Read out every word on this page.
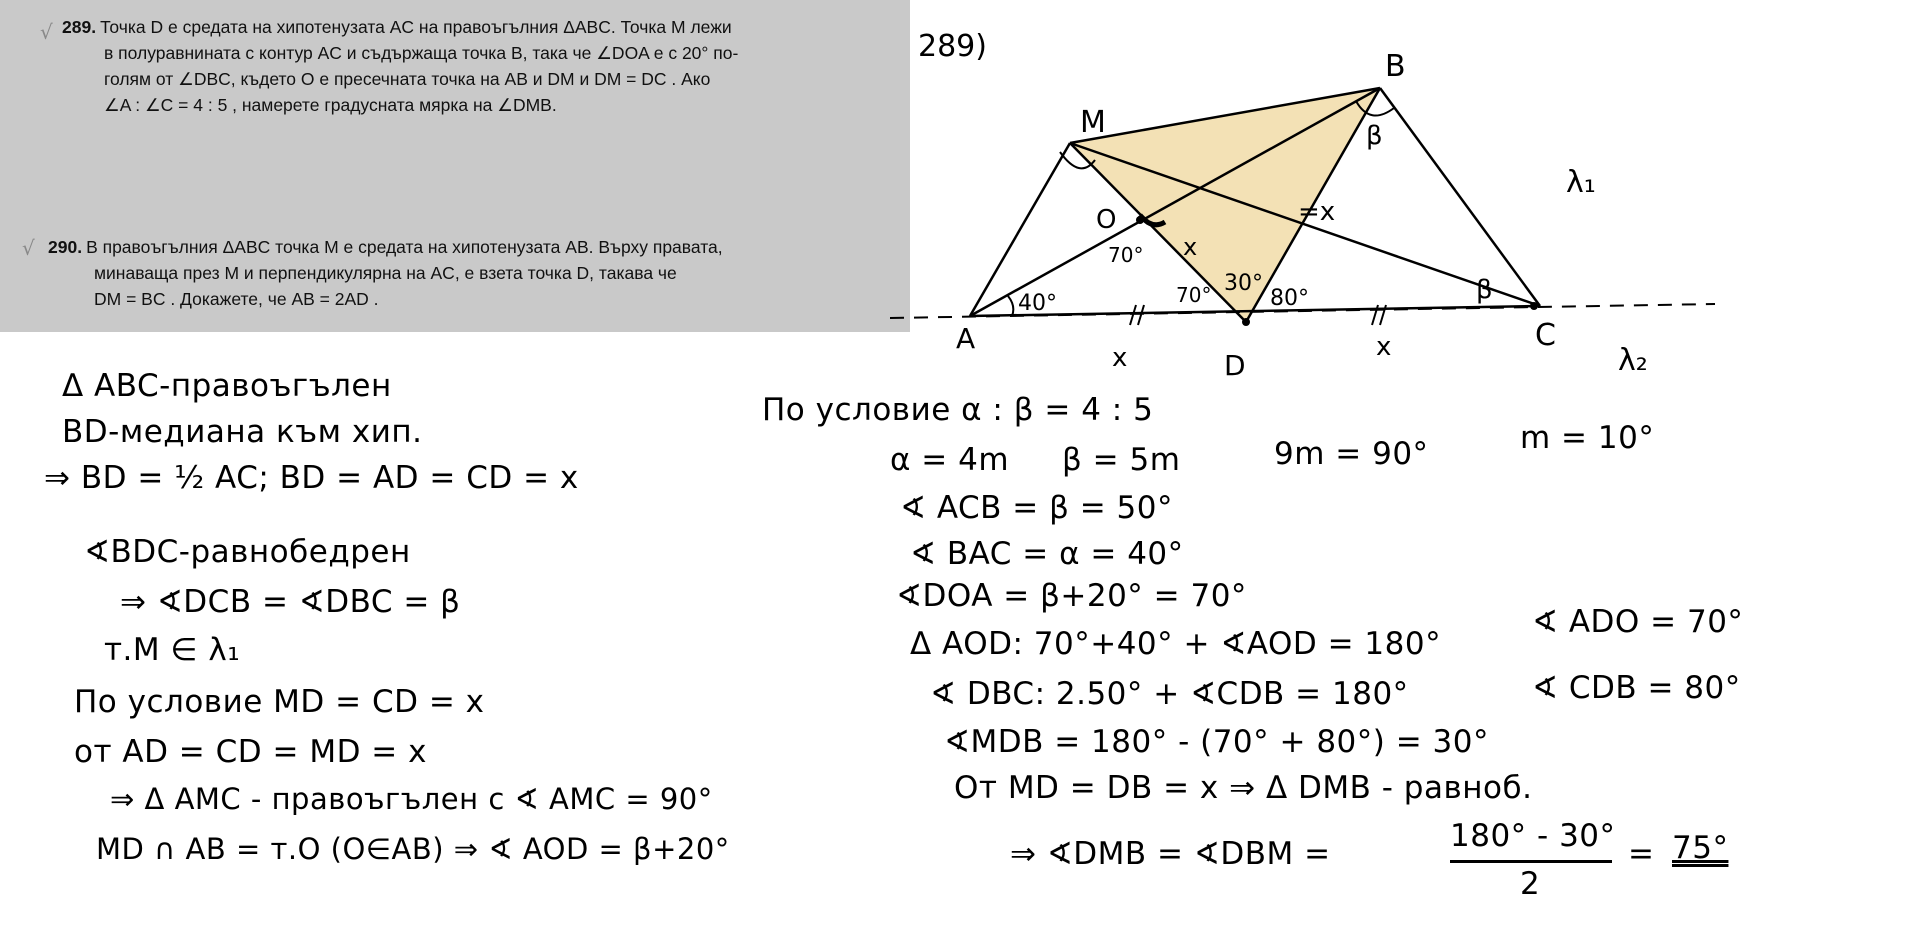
√ 289. Точка D е средата на хипотенузата AC на правоъгълния ΔABC. Точка M лежи
в полуравнината с контур AC и съдържаща точка B, така че ∠DOA е с 20° по-
голям от ∠DBC, където O е пресечната точка на AB и DM и DM = DC . Ако
∠A : ∠C = 4 : 5 , намерете градусната мярка на ∠DMB.
√ 290. В правоъгълния ΔABC точка M е средата на хипотенузата AB. Върху правата,
минаваща през M и перпендикулярна на AC, е взета точка D, такава че
DM = BC . Докажете, че AB = 2AD .
289)
B
M
O
A
D
C
λ₁
λ₂
40°
70°
70° 30°
80°
β
β
x	x
x
=x
Δ ABC-правоъгълен
BD-медиана към хип.
⇒ BD = ½ AC; BD = AD = CD = x
∢BDC-равнобедрен
⇒ ∢DCB = ∢DBC = β
т.M ∈ λ₁
По условие MD = CD = x
от AD = CD = MD = x
⇒ Δ AMC - правоъгълен с ∢ AMC = 90°
MD ∩ AB = т.O (O∈AB) ⇒ ∢ AOD = β+20°
По условие α : β = 4 : 5
α = 4m β = 5m	9m = 90°	m = 10°
∢ ACB = β = 50°
∢ BAC = α = 40°
∢DOA = β+20° = 70°
Δ AOD: 70°+40° + ∢AOD = 180°
∢ ADO = 70°
∢ DBC: 2.50° + ∢CDB = 180°	∢ CDB = 80°
∢MDB = 180° - (70° + 80°) = 30°
От MD = DB = x ⇒ Δ DMB - равноб.
⇒ ∢DMB = ∢DBM =	180° - 30°
2
= 75°
